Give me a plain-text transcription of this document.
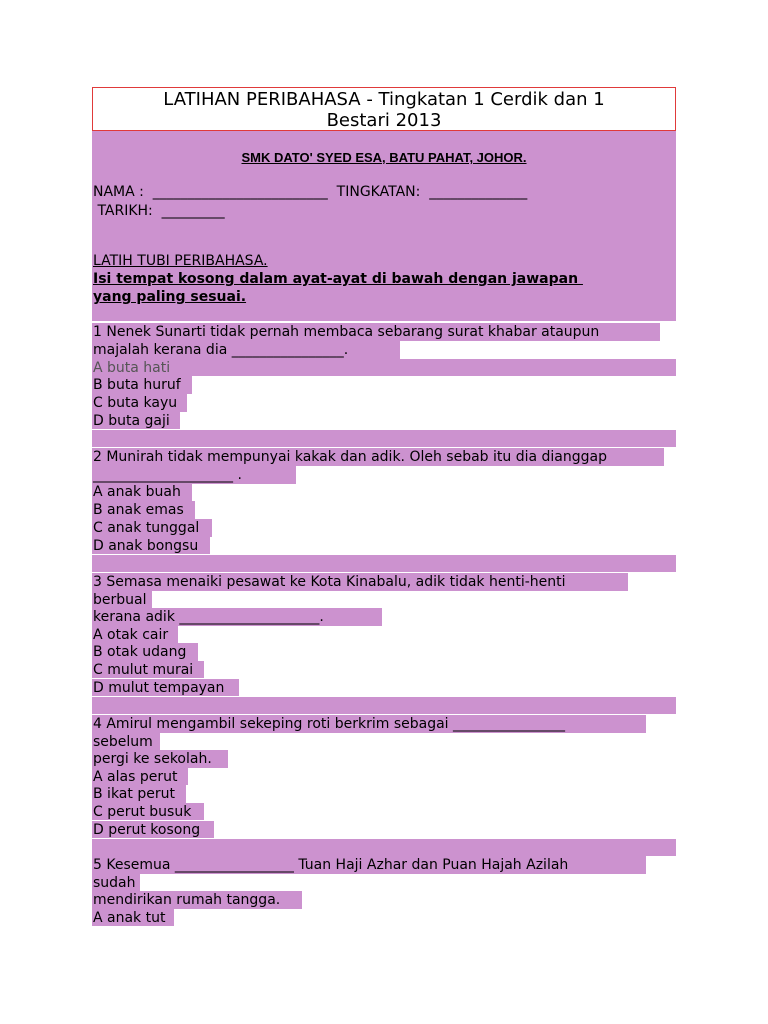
LATIHAN PERIBAHASA - Tingkatan 1 Cerdik dan 1
Bestari 2013
SMK DATO' SYED ESA, BATU PAHAT, JOHOR.
NAMA :  _________________________  TINGKATAN:  ______________
TARIKH:  _________
LATIH TUBI PERIBAHASA.
Isi tempat kosong dalam ayat-ayat di bawah dengan jawapan
yang paling sesuai.
1 Nenek Sunarti tidak pernah membaca sebarang surat khabar ataupun
majalah kerana dia ________________.
A buta hati
B buta huruf
C buta kayu
D buta gaji
2 Munirah tidak mempunyai kakak dan adik. Oleh sebab itu dia dianggap
____________________ .
A anak buah
B anak emas
C anak tunggal
D anak bongsu
3 Semasa menaiki pesawat ke Kota Kinabalu, adik tidak henti-henti
berbual
kerana adik ____________________.
A otak cair
B otak udang
C mulut murai
D mulut tempayan
4 Amirul mengambil sekeping roti berkrim sebagai ________________
sebelum
pergi ke sekolah.
A alas perut
B ikat perut
C perut busuk
D perut kosong
5 Kesemua _________________ Tuan Haji Azhar dan Puan Hajah Azilah
sudah
mendirikan rumah tangga.
A anak tut
